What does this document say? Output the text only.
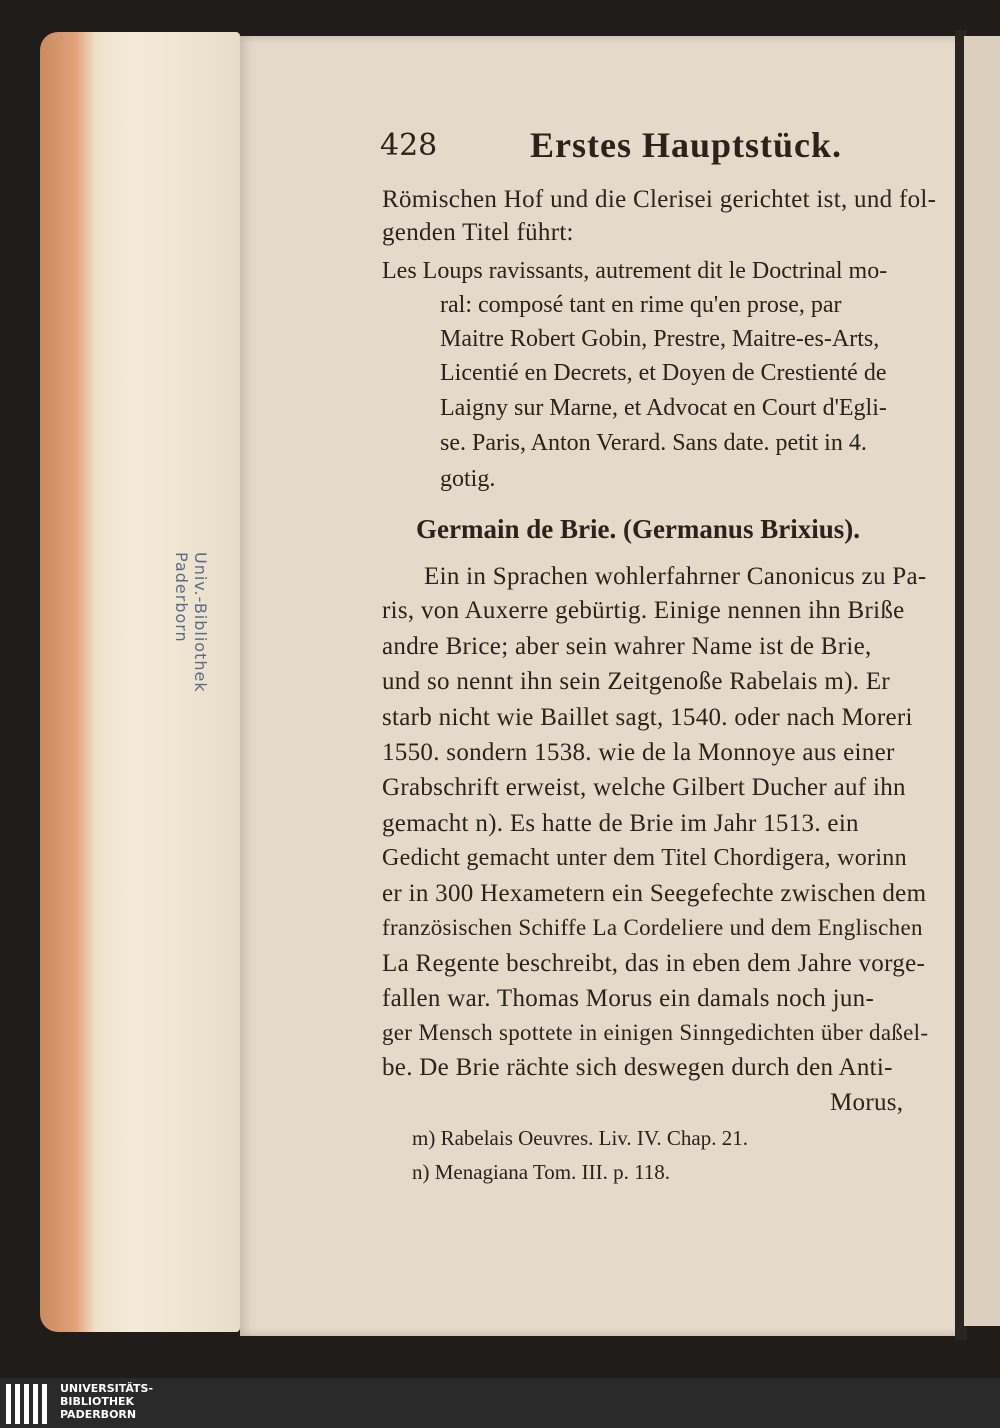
Univ.-Bibliothek Paderborn
428	Erstes Hauptstück.
Römischen Hof und die Clerisei gerichtet ist, und fol-
genden Titel führt:
Les Loups ravissants, autrement dit le Doctrinal mo-
ral: composé tant en rime qu'en prose, par
Maitre Robert Gobin, Prestre, Maitre-es-Arts,
Licentié en Decrets, et Doyen de Crestienté de
Laigny sur Marne, et Advocat en Court d'Egli-
se. Paris, Anton Verard. Sans date. petit in 4.
gotig.
Germain de Brie. (Germanus Brixius).
Ein in Sprachen wohlerfahrner Canonicus zu Pa-
ris, von Auxerre gebürtig. Einige nennen ihn Briße
andre Brice; aber sein wahrer Name ist de Brie,
und so nennt ihn sein Zeitgenoße Rabelais m). Er
starb nicht wie Baillet sagt, 1540. oder nach Moreri
1550. sondern 1538. wie de la Monnoye aus einer
Grabschrift erweist, welche Gilbert Ducher auf ihn
gemacht n). Es hatte de Brie im Jahr 1513. ein
Gedicht gemacht unter dem Titel Chordigera, worinn
er in 300 Hexametern ein Seegefechte zwischen dem
französischen Schiffe La Cordeliere und dem Englischen
La Regente beschreibt, das in eben dem Jahre vorge-
fallen war. Thomas Morus ein damals noch jun-
ger Mensch spottete in einigen Sinngedichten über daßel-
be. De Brie rächte sich deswegen durch den Anti-
Morus,
m) Rabelais Oeuvres. Liv. IV. Chap. 21.
n) Menagiana Tom. III. p. 118.
UNIVERSITÄTS-
BIBLIOTHEK
PADERBORN
